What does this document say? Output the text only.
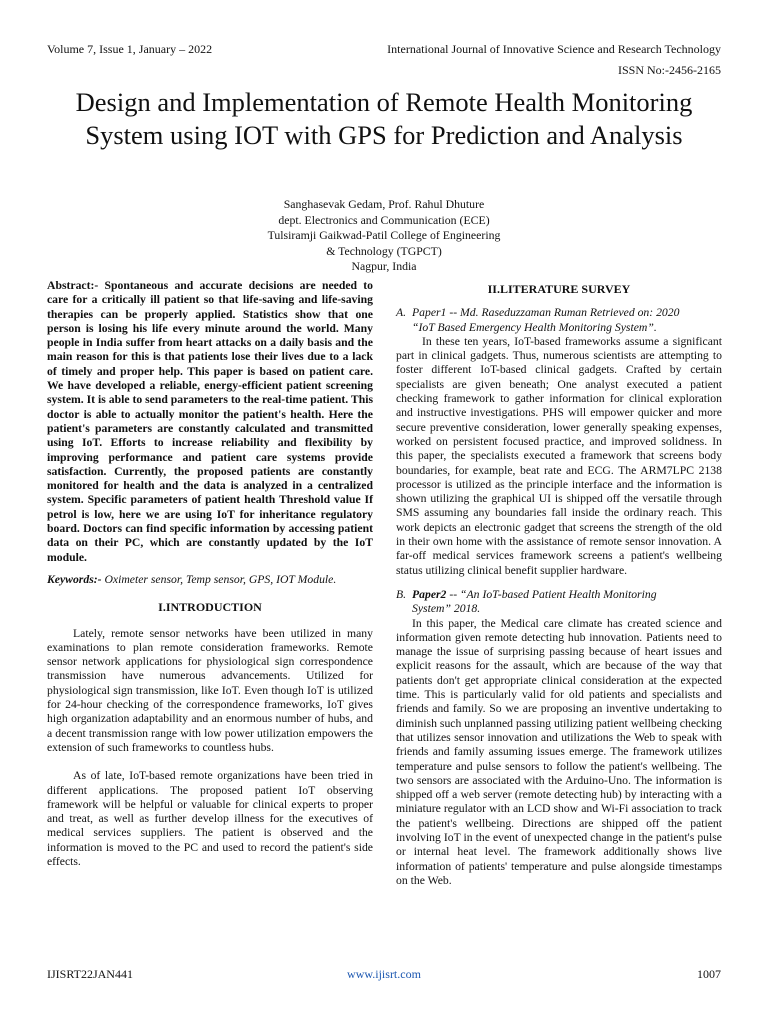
Volume 7, Issue 1, January – 2022	International Journal of Innovative Science and Research Technology
ISSN No:-2456-2165
Design and Implementation of Remote Health Monitoring System using IOT with GPS for Prediction and Analysis
Sanghasevak Gedam, Prof. Rahul Dhuture
dept. Electronics and Communication (ECE)
Tulsiramji Gaikwad-Patil College of Engineering
& Technology (TGPCT)
Nagpur, India

Abstract:- Spontaneous and accurate decisions are needed to care for a critically ill patient so that life-saving and life-saving therapies can be properly applied. Statistics show that one person is losing his life every minute around the world. Many people in India suffer from heart attacks on a daily basis and the main reason for this is that patients lose their lives due to a lack of timely and proper help. This paper is based on patient care. We have developed a reliable, energy-efficient patient screening system. It is able to send parameters to the real-time patient. This doctor is able to actually monitor the patient's health. Here the patient's parameters are constantly calculated and transmitted using IoT. Efforts to increase reliability and flexibility by improving performance and patient care systems provide satisfaction. Currently, the proposed patients are constantly monitored for health and the data is analyzed in a centralized system. Specific parameters of patient health Threshold value If petrol is low, here we are using IoT for inheritance regulatory board. Doctors can find specific information by accessing patient data on their PC, which are constantly updated by the IoT module.

Keywords:- Oximeter sensor, Temp sensor, GPS, IOT Module.

I.INTRODUCTION

Lately, remote sensor networks have been utilized in many examinations to plan remote consideration frameworks. Remote sensor network applications for physiological sign correspondence transmission have numerous advancements. Utilized for physiological sign transmission, like IoT. Even though IoT is utilized for 24-hour checking of the correspondence frameworks, IoT gives high organization adaptability and an enormous number of hubs, and a decent transmission range with low power utilization empowers the extension of such frameworks to countless hubs.

As of late, IoT-based remote organizations have been tried in different applications. The proposed patient IoT observing framework will be helpful or valuable for clinical experts to proper and treat, as well as further develop illness for the executives of medical services suppliers. The patient is observed and the information is moved to the PC and used to record the patient's side effects.

II.LITERATURE SURVEY
A. Paper1 -- Md. Raseduzzaman Ruman Retrieved on: 2020
“IoT Based Emergency Health Monitoring System”.

In these ten years, IoT-based frameworks assume a significant part in clinical gadgets. Thus, numerous scientists are attempting to foster different IoT-based clinical gadgets. Crafted by certain specialists are given beneath; One analyst executed a patient checking framework to gather information for clinical exploration and instructive investigations. PHS will empower quicker and more secure preventive consideration, lower generally speaking expenses, worked on persistent focused practice, and improved solidness. In this paper, the specialists executed a framework that screens body boundaries, for example, beat rate and ECG. The ARM7LPC 2138 processor is utilized as the principle interface and the information is shown utilizing the graphical UI is shipped off the versatile through SMS assuming any boundaries fall inside the ordinary reach. This work depicts an electronic gadget that screens the strength of the old in their own home with the assistance of remote sensor innovation. A far-off medical services framework screens a patient's wellbeing status utilizing clinical benefit supplier hardware.

B. Paper2 -- “An IoT-based Patient Health Monitoring
System” 2018.

In this paper, the Medical care climate has created science and information given remote detecting hub innovation. Patients need to manage the issue of surprising passing because of heart issues and explicit reasons for the assault, which are because of the way that patients don't get appropriate clinical consideration at the expected time. This is particularly valid for old patients and specialists and friends and family. So we are proposing an inventive undertaking to diminish such unplanned passing utilizing patient wellbeing checking that utilizes sensor innovation and utilizations the Web to speak with friends and family assuming issues emerge. The framework utilizes temperature and pulse sensors to follow the patient's wellbeing. The two sensors are associated with the Arduino-Uno. The information is shipped off a web server (remote detecting hub) by interacting with a miniature regulator with an LCD show and Wi-Fi association to track the patient's wellbeing. Directions are shipped off the patient involving IoT in the event of unexpected change in the patient's pulse or internal heat level. The framework additionally shows live information of patients' temperature and pulse alongside timestamps on the Web.

IJISRT22JAN441	www.ijisrt.com	1007
